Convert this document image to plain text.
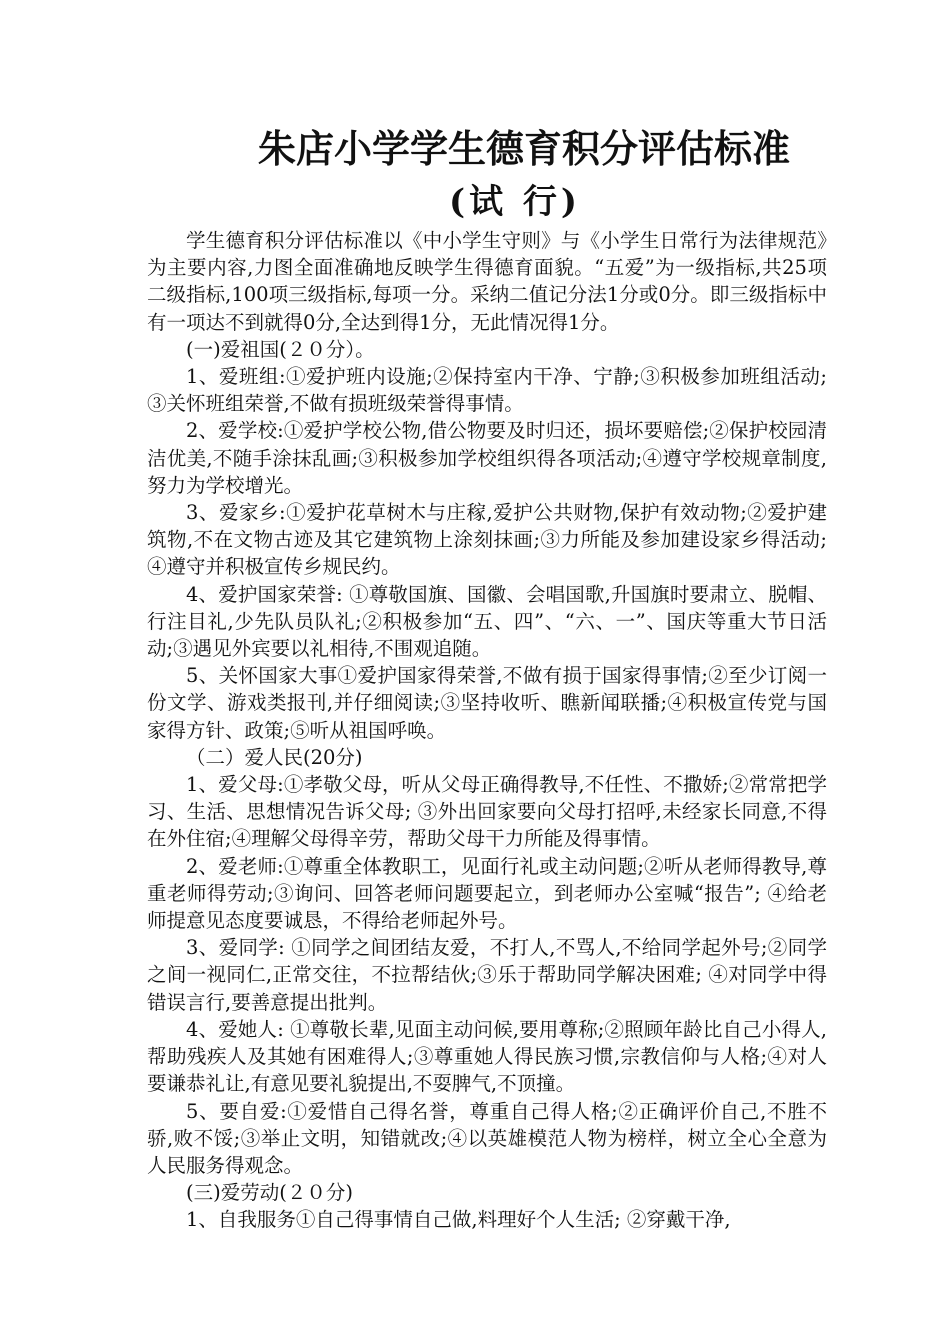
朱店小学学生德育积分评估标准
(试 行)

学生德育积分评估标准以《中小学生守则》与《小学生日常行为法律规范》为主要内容,力图全面准确地反映学生得德育面貌。“五爱”为一级指标,共25项二级指标,100项三级指标,每项一分。采纳二值记分法1分或0分。即三级指标中有一项达不到就得0分,全达到得1分，无此情况得1分。

(一)爱祖国(２０分）。

1、爱班组:①爱护班内设施;②保持室内干净、宁静;③积极参加班组活动;③关怀班组荣誉,不做有损班级荣誉得事情。

2、爱学校:①爱护学校公物,借公物要及时归还，损坏要赔偿;②保护校园清洁优美,不随手涂抹乱画;③积极参加学校组织得各项活动;④遵守学校规章制度,努力为学校增光。

3、爱家乡:①爱护花草树木与庄稼,爱护公共财物,保护有效动物;②爱护建筑物,不在文物古迹及其它建筑物上涂刻抹画;③力所能及参加建设家乡得活动;④遵守并积极宣传乡规民约。

4、爱护国家荣誉: ①尊敬国旗、国徽、会唱国歌,升国旗时要肃立、脱帽、行注目礼,少先队员队礼;②积极参加“五、四”、“六、一”、国庆等重大节日活动;③遇见外宾要以礼相待,不围观追随。

5、关怀国家大事①爱护国家得荣誉,不做有损于国家得事情;②至少订阅一份文学、游戏类报刊,并仔细阅读;③坚持收听、瞧新闻联播;④积极宣传党与国家得方针、政策;⑤听从祖国呼唤。

（二）爱人民(20分)

1、爱父母:①孝敬父母，听从父母正确得教导,不任性、不撒娇;②常常把学习、生活、思想情况告诉父母; ③外出回家要向父母打招呼,未经家长同意,不得在外住宿;④理解父母得辛劳，帮助父母干力所能及得事情。

2、爱老师:①尊重全体教职工，见面行礼或主动问题;②听从老师得教导,尊重老师得劳动;③询问、回答老师问题要起立，到老师办公室喊“报告”; ④给老师提意见态度要诚恳，不得给老师起外号。

3、爱同学: ①同学之间团结友爱，不打人,不骂人,不给同学起外号;②同学之间一视同仁,正常交往，不拉帮结伙;③乐于帮助同学解决困难; ④对同学中得错误言行,要善意提出批判。

4、爱她人: ①尊敬长辈,见面主动问候,要用尊称;②照顾年龄比自己小得人,帮助残疾人及其她有困难得人;③尊重她人得民族习惯,宗教信仰与人格;④对人要谦恭礼让,有意见要礼貌提出,不耍脾气,不顶撞。

5、要自爱:①爱惜自己得名誉，尊重自己得人格;②正确评价自己,不胜不骄,败不馁;③举止文明，知错就改;④以英雄模范人物为榜样，树立全心全意为人民服务得观念。

(三)爱劳动(２０分)

1、自我服务①自己得事情自己做,料理好个人生活; ②穿戴干净,
